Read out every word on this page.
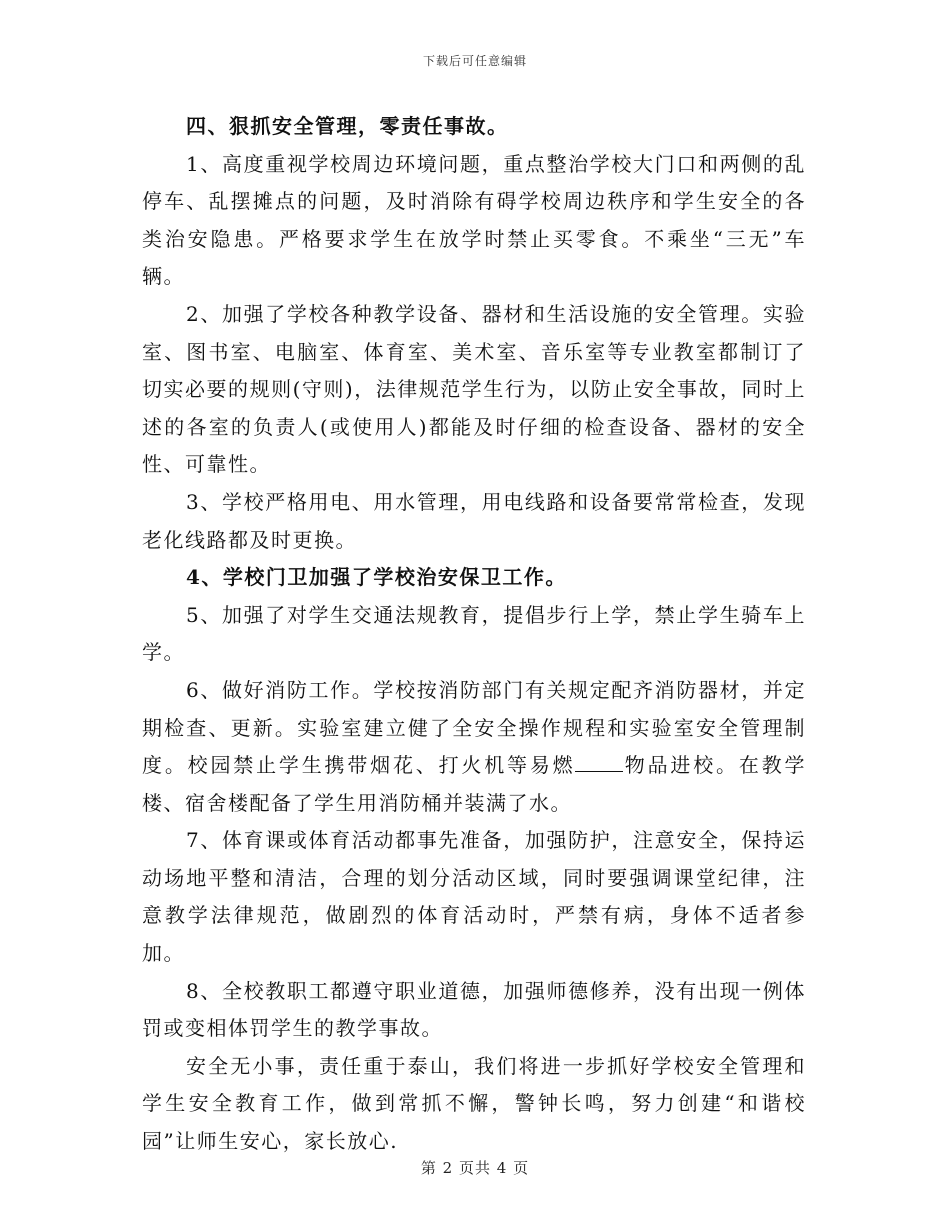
下载后可任意编辑

四、狠抓安全管理，零责任事故。

1、高度重视学校周边环境问题，重点整治学校大门口和两侧的乱停车、乱摆摊点的问题，及时消除有碍学校周边秩序和学生安全的各类治安隐患。严格要求学生在放学时禁止买零食。不乘坐“三无”车辆。

2、加强了学校各种教学设备、器材和生活设施的安全管理。实验室、图书室、电脑室、体育室、美术室、音乐室等专业教室都制订了切实必要的规则(守则)，法律规范学生行为，以防止安全事故，同时上述的各室的负责人(或使用人)都能及时仔细的检查设备、器材的安全性、可靠性。

3、学校严格用电、用水管理，用电线路和设备要常常检查，发现老化线路都及时更换。

4、学校门卫加强了学校治安保卫工作。

5、加强了对学生交通法规教育，提倡步行上学，禁止学生骑车上学。

6、做好消防工作。学校按消防部门有关规定配齐消防器材，并定期检查、更新。实验室建立健了全安全操作规程和实验室安全管理制度。校园禁止学生携带烟花、打火机等易燃 物品进校。在教学楼、宿舍楼配备了学生用消防桶并装满了水。

7、体育课或体育活动都事先准备，加强防护，注意安全，保持运动场地平整和清洁，合理的划分活动区域，同时要强调课堂纪律，注意教学法律规范，做剧烈的体育活动时，严禁有病，身体不适者参加。

8、全校教职工都遵守职业道德，加强师德修养，没有出现一例体罚或变相体罚学生的教学事故。

安全无小事，责任重于泰山，我们将进一步抓好学校安全管理和学生安全教育工作，做到常抓不懈，警钟长鸣，努力创建“和谐校园”让师生安心，家长放心.

第 2 页共 4 页
